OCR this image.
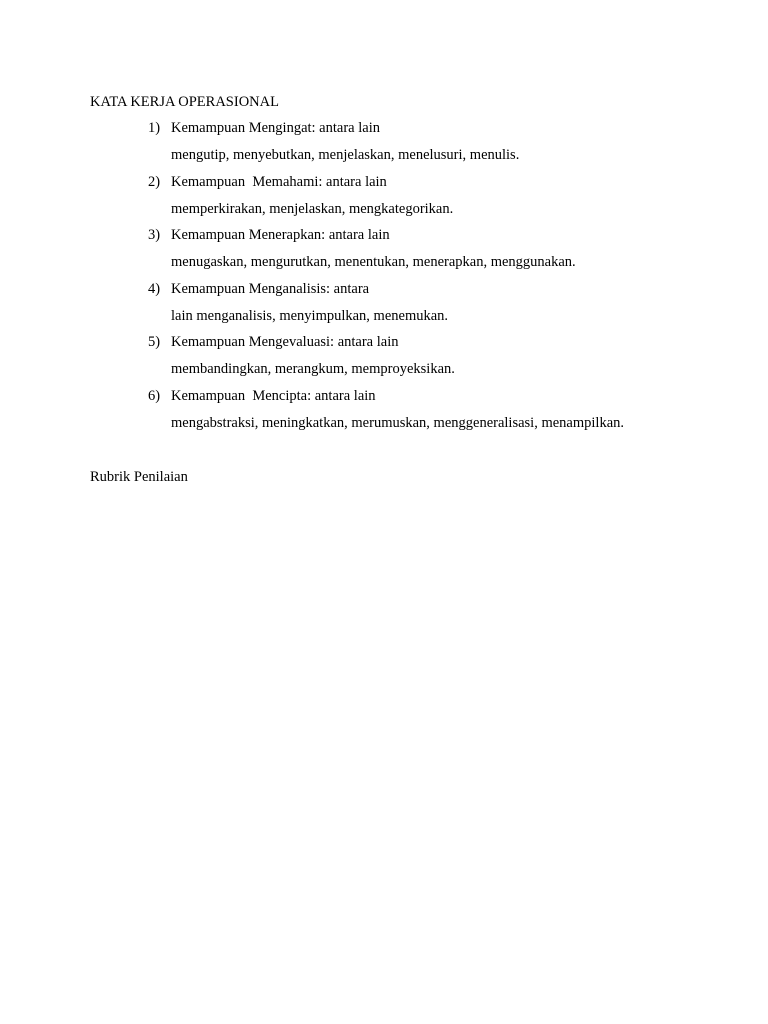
KATA KERJA OPERASIONAL
1) Kemampuan Mengingat: antara lain
mengutip, menyebutkan, menjelaskan, menelusuri, menulis.
2) Kemampuan  Memahami: antara lain
memperkirakan, menjelaskan, mengkategorikan.
3) Kemampuan Menerapkan: antara lain
menugaskan, mengurutkan, menentukan, menerapkan, menggunakan.
4) Kemampuan Menganalisis: antara
lain menganalisis, menyimpulkan, menemukan.
5) Kemampuan Mengevaluasi: antara lain
membandingkan, merangkum, memproyeksikan.
6) Kemampuan  Mencipta: antara lain
mengabstraksi, meningkatkan, merumuskan, menggeneralisasi, menampilkan.
Rubrik Penilaian
